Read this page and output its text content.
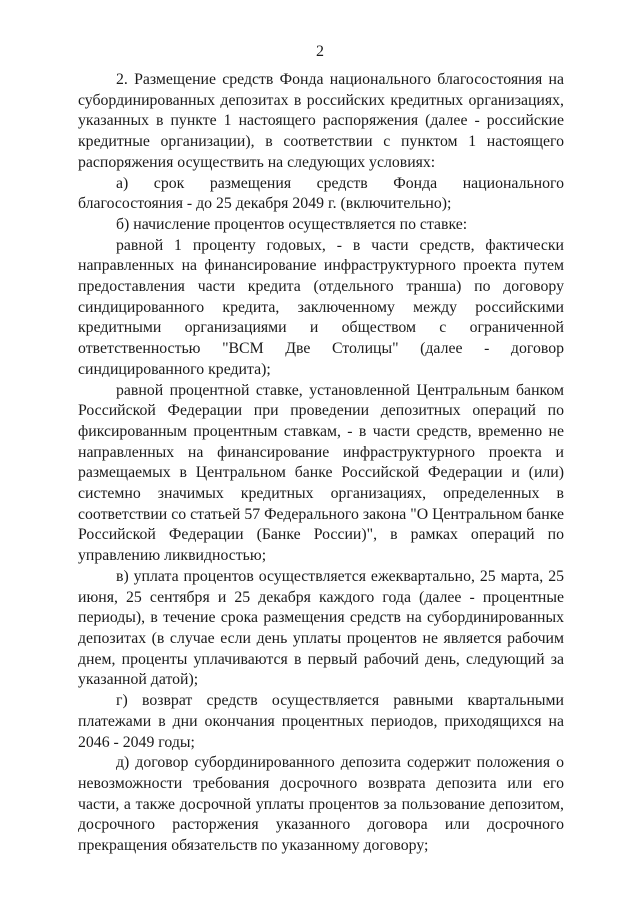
2

2. Размещение средств Фонда национального благосостояния на субординированных депозитах в российских кредитных организациях, указанных в пункте 1 настоящего распоряжения (далее - российские кредитные организации), в соответствии с пунктом 1 настоящего распоряжения осуществить на следующих условиях:

а) срок размещения средств Фонда национального благосостояния - до 25 декабря 2049 г. (включительно);

б) начисление процентов осуществляется по ставке:

равной 1 проценту годовых, - в части средств, фактически направленных на финансирование инфраструктурного проекта путем предоставления части кредита (отдельного транша) по договору синдицированного кредита, заключенному между российскими кредитными организациями и обществом с ограниченной ответственностью "ВСМ Две Столицы" (далее - договор синдицированного кредита);

равной процентной ставке, установленной Центральным банком Российской Федерации при проведении депозитных операций по фиксированным процентным ставкам, - в части средств, временно не направленных на финансирование инфраструктурного проекта и размещаемых в Центральном банке Российской Федерации и (или) системно значимых кредитных организациях, определенных в соответствии со статьей 57 Федерального закона "О Центральном банке Российской Федерации (Банке России)", в рамках операций по управлению ликвидностью;

в) уплата процентов осуществляется ежеквартально, 25 марта, 25 июня, 25 сентября и 25 декабря каждого года (далее - процентные периоды), в течение срока размещения средств на субординированных депозитах (в случае если день уплаты процентов не является рабочим днем, проценты уплачиваются в первый рабочий день, следующий за указанной датой);

г) возврат средств осуществляется равными квартальными платежами в дни окончания процентных периодов, приходящихся на 2046 - 2049 годы;

д) договор субординированного депозита содержит положения о невозможности требования досрочного возврата депозита или его части, а также досрочной уплаты процентов за пользование депозитом, досрочного расторжения указанного договора или досрочного прекращения обязательств по указанному договору;
